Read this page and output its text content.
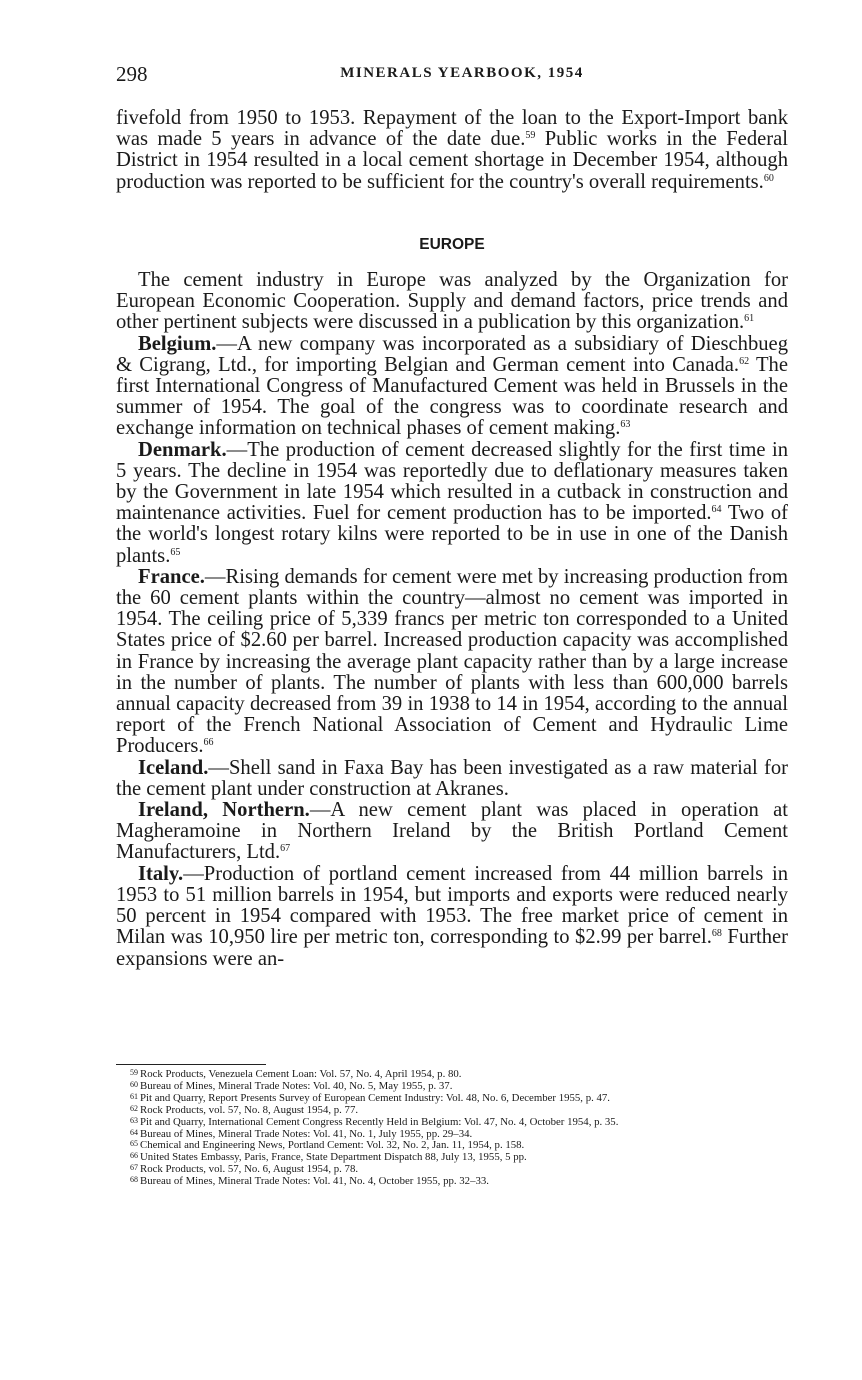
298	MINERALS YEARBOOK, 1954

fivefold from 1950 to 1953. Repayment of the loan to the Export-Import bank was made 5 years in advance of the date due.$^{59}$ Public works in the Federal District in 1954 resulted in a local cement shortage in December 1954, although production was reported to be sufficient for the country's overall requirements.$^{60}$

EUROPE

The cement industry in Europe was analyzed by the Organization for European Economic Cooperation. Supply and demand factors, price trends and other pertinent subjects were discussed in a publication by this organization.$^{61}$

Belgium.—A new company was incorporated as a subsidiary of Dieschbueg & Cigrang, Ltd., for importing Belgian and German cement into Canada.$^{62}$ The first International Congress of Manufactured Cement was held in Brussels in the summer of 1954. The goal of the congress was to coordinate research and exchange information on technical phases of cement making.$^{63}$

Denmark.—The production of cement decreased slightly for the first time in 5 years. The decline in 1954 was reportedly due to deflationary measures taken by the Government in late 1954 which resulted in a cutback in construction and maintenance activities. Fuel for cement production has to be imported.$^{64}$ Two of the world's longest rotary kilns were reported to be in use in one of the Danish plants.$^{65}$

France.—Rising demands for cement were met by increasing production from the 60 cement plants within the country—almost no cement was imported in 1954. The ceiling price of 5,339 francs per metric ton corresponded to a United States price of $2.60 per barrel. Increased production capacity was accomplished in France by increasing the average plant capacity rather than by a large increase in the number of plants. The number of plants with less than 600,000 barrels annual capacity decreased from 39 in 1938 to 14 in 1954, according to the annual report of the French National Association of Cement and Hydraulic Lime Producers.$^{66}$

Iceland.—Shell sand in Faxa Bay has been investigated as a raw material for the cement plant under construction at Akranes.

Ireland, Northern.—A new cement plant was placed in operation at Magheramoine in Northern Ireland by the British Portland Cement Manufacturers, Ltd.$^{67}$

Italy.—Production of portland cement increased from 44 million barrels in 1953 to 51 million barrels in 1954, but imports and exports were reduced nearly 50 percent in 1954 compared with 1953. The free market price of cement in Milan was 10,950 lire per metric ton, corresponding to $2.99 per barrel.$^{68}$ Further expansions were an-

59 Rock Products, Venezuela Cement Loan: Vol. 57, No. 4, April 1954, p. 80.

60 Bureau of Mines, Mineral Trade Notes: Vol. 40, No. 5, May 1955, p. 37.

61 Pit and Quarry, Report Presents Survey of European Cement Industry: Vol. 48, No. 6, December 1955, p. 47.

62 Rock Products, vol. 57, No. 8, August 1954, p. 77.

63 Pit and Quarry, International Cement Congress Recently Held in Belgium: Vol. 47, No. 4, October 1954, p. 35.

64 Bureau of Mines, Mineral Trade Notes: Vol. 41, No. 1, July 1955, pp. 29–34.

65 Chemical and Engineering News, Portland Cement: Vol. 32, No. 2, Jan. 11, 1954, p. 158.

66 United States Embassy, Paris, France, State Department Dispatch 88, July 13, 1955, 5 pp.

67 Rock Products, vol. 57, No. 6, August 1954, p. 78.

68 Bureau of Mines, Mineral Trade Notes: Vol. 41, No. 4, October 1955, pp. 32–33.
